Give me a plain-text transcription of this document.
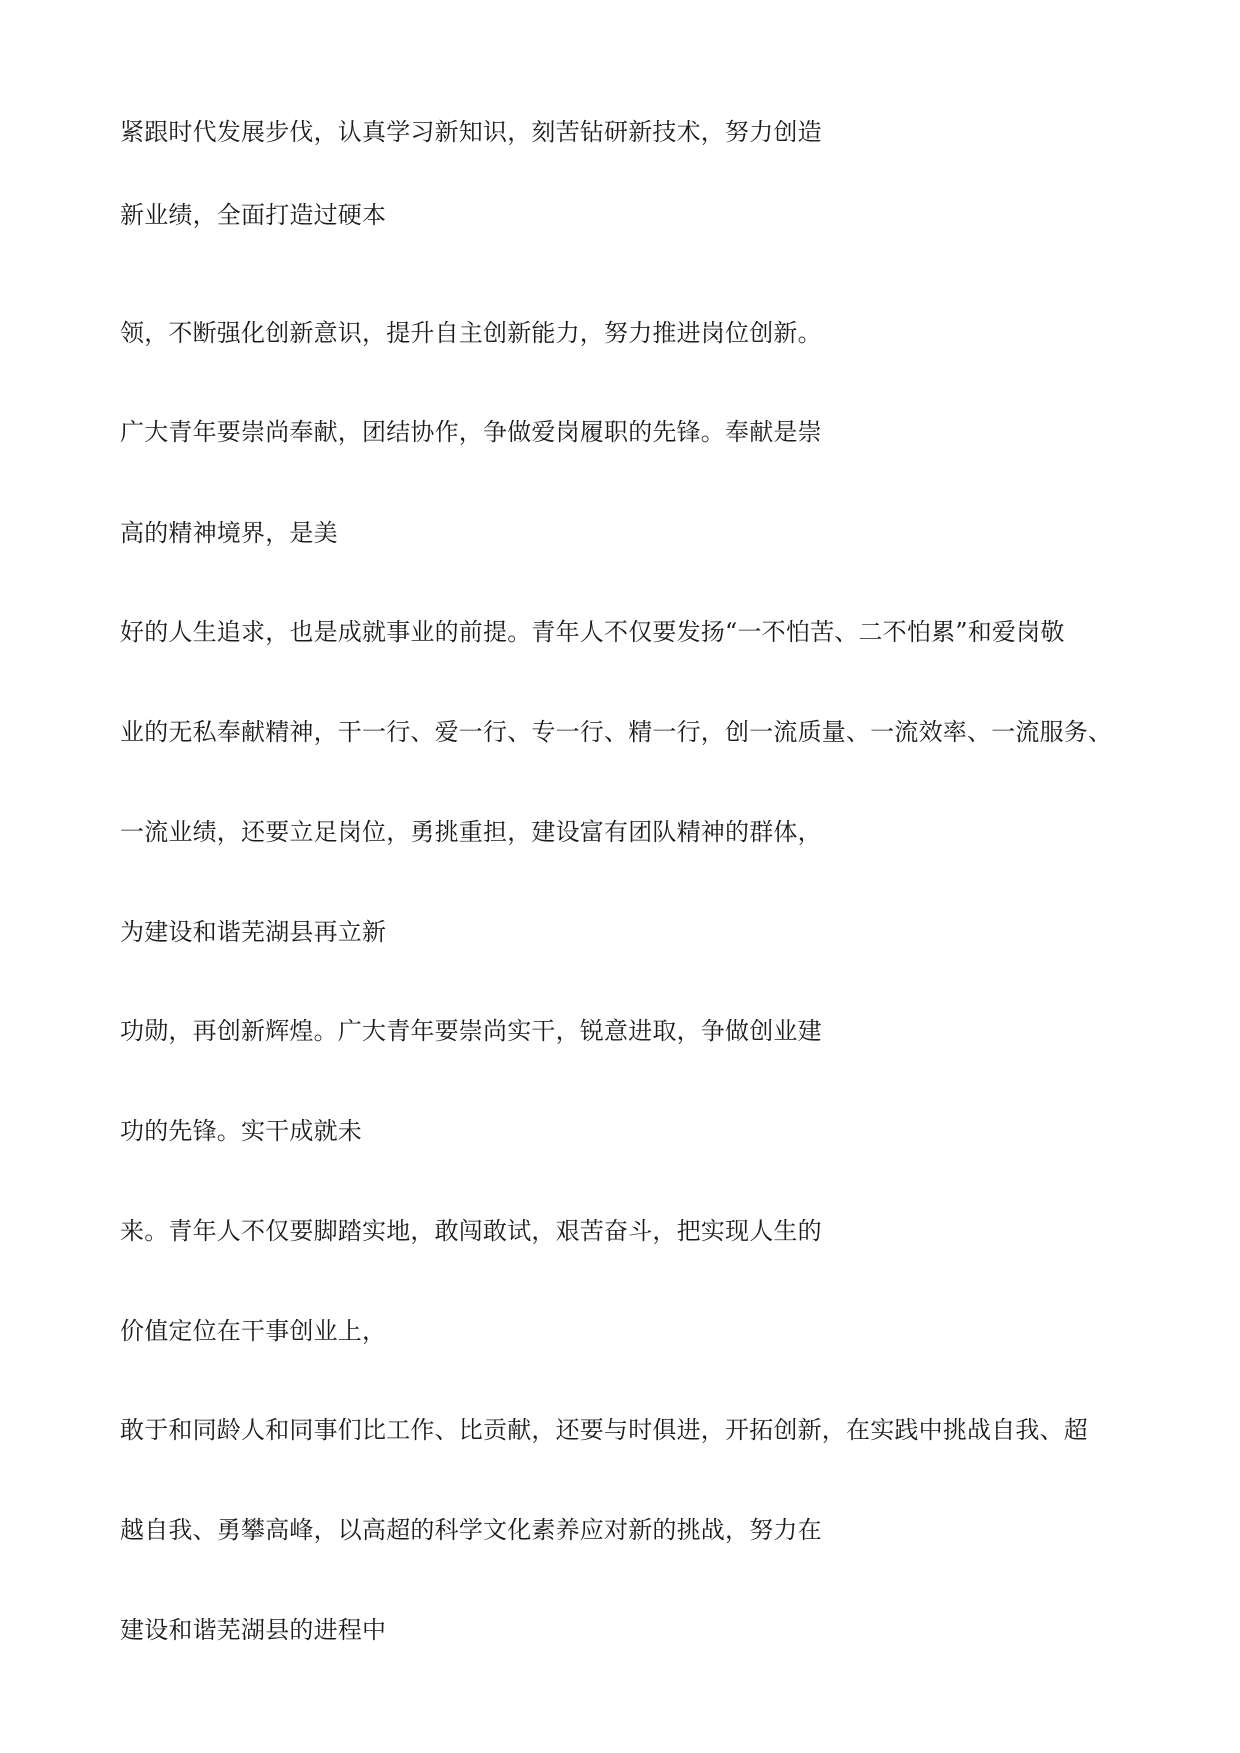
紧跟时代发展步伐，认真学习新知识，刻苦钻研新技术，努力创造

新业绩，全面打造过硬本

领，不断强化创新意识，提升自主创新能力，努力推进岗位创新。

广大青年要崇尚奉献，团结协作，争做爱岗履职的先锋。奉献是崇

高的精神境界，是美

好的人生追求，也是成就事业的前提。青年人不仅要发扬“一不怕苦、二不怕累”和爱岗敬

业的无私奉献精神，干一行、爱一行、专一行、精一行，创一流质量、一流效率、一流服务、

一流业绩，还要立足岗位，勇挑重担，建设富有团队精神的群体，

为建设和谐芜湖县再立新

功勋，再创新辉煌。广大青年要崇尚实干，锐意进取，争做创业建

功的先锋。实干成就未

来。青年人不仅要脚踏实地，敢闯敢试，艰苦奋斗，把实现人生的

价值定位在干事创业上，

敢于和同龄人和同事们比工作、比贡献，还要与时俱进，开拓创新，在实践中挑战自我、超

越自我、勇攀高峰，以高超的科学文化素养应对新的挑战，努力在

建设和谐芜湖县的进程中
